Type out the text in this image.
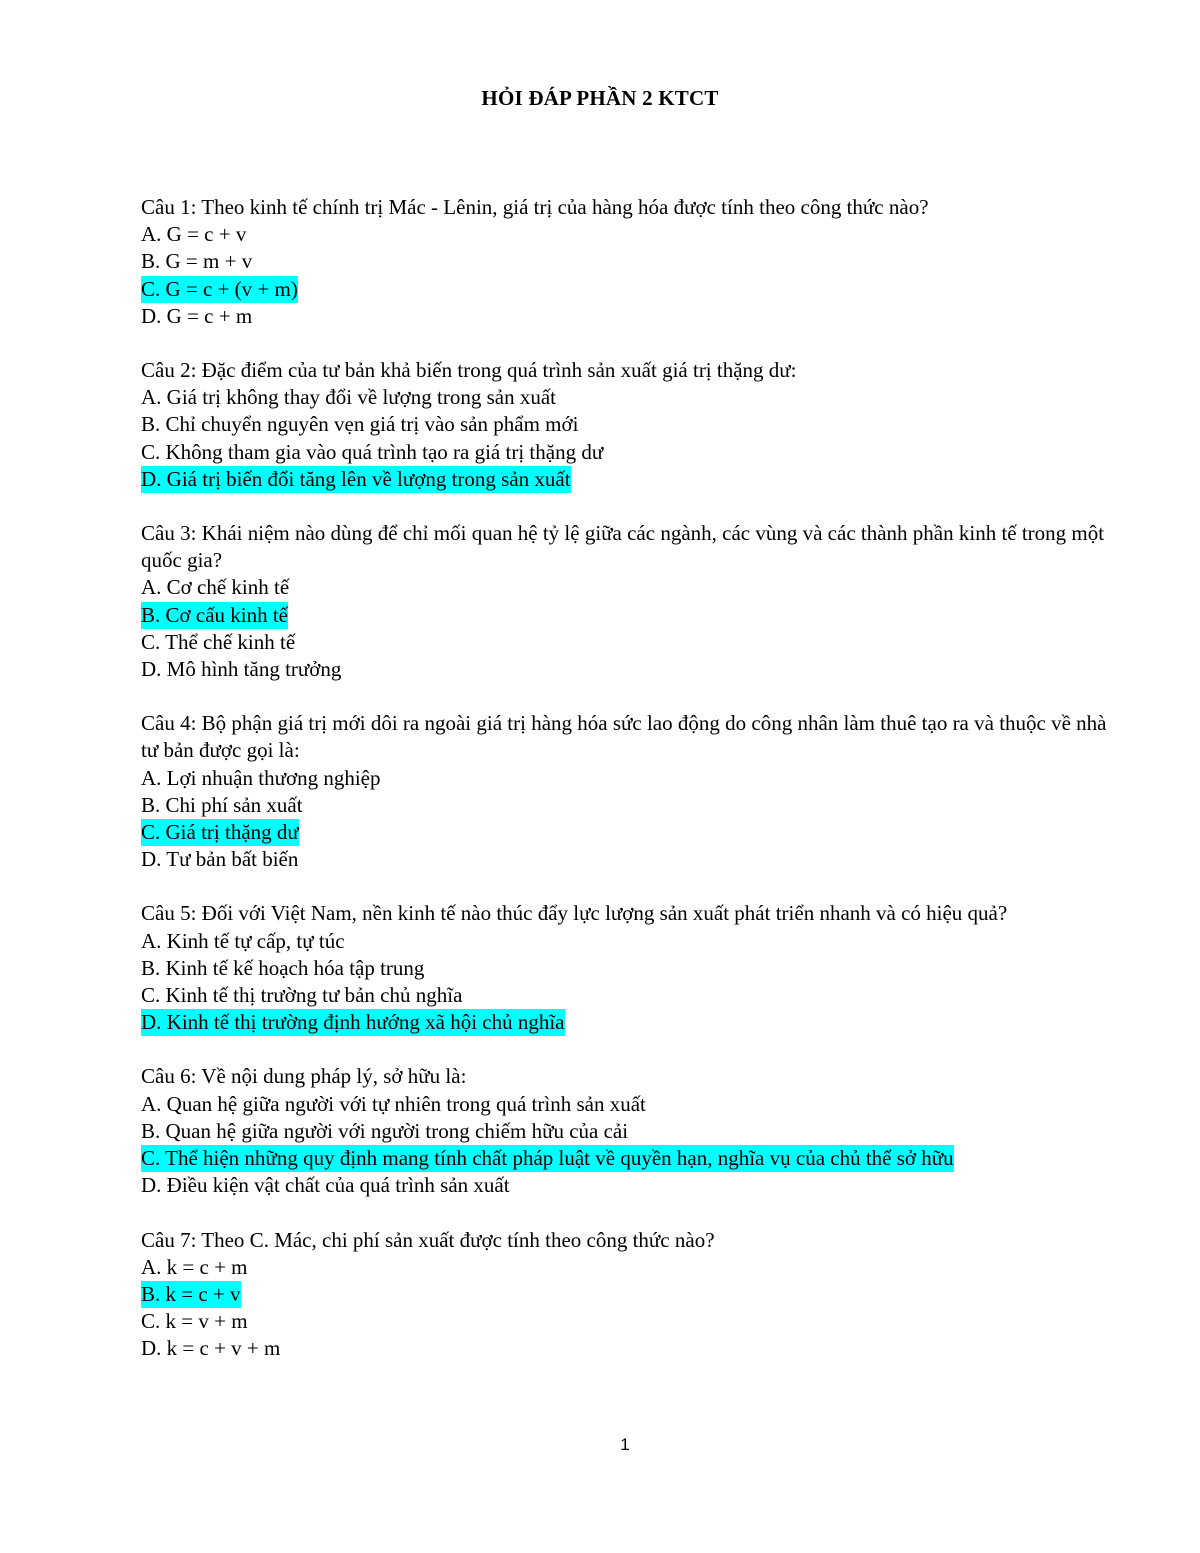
HỎI ĐÁP PHẦN 2 KTCT

Câu 1: Theo kinh tế chính trị Mác - Lênin, giá trị của hàng hóa được tính theo công thức nào?

A. G = c + v
B. G = m + v
C. G = c + (v + m)
D. G = c + m

Câu 2: Đặc điểm của tư bản khả biến trong quá trình sản xuất giá trị thặng dư:

A. Giá trị không thay đổi về lượng trong sản xuất
B. Chỉ chuyển nguyên vẹn giá trị vào sản phẩm mới
C. Không tham gia vào quá trình tạo ra giá trị thặng dư
D. Giá trị biến đổi tăng lên về lượng trong sản xuất

Câu 3: Khái niệm nào dùng để chỉ mối quan hệ tỷ lệ giữa các ngành, các vùng và các thành phần kinh tế trong một quốc gia?

A. Cơ chế kinh tế
B. Cơ cấu kinh tế
C. Thể chế kinh tế
D. Mô hình tăng trưởng

Câu 4: Bộ phận giá trị mới dôi ra ngoài giá trị hàng hóa sức lao động do công nhân làm thuê tạo ra và thuộc về nhà tư bản được gọi là:

A. Lợi nhuận thương nghiệp
B. Chi phí sản xuất
C. Giá trị thặng dư
D. Tư bản bất biến

Câu 5: Đối với Việt Nam, nền kinh tế nào thúc đẩy lực lượng sản xuất phát triển nhanh và có hiệu quả?

A. Kinh tế tự cấp, tự túc
B. Kinh tế kế hoạch hóa tập trung
C. Kinh tế thị trường tư bản chủ nghĩa
D. Kinh tế thị trường định hướng xã hội chủ nghĩa

Câu 6: Về nội dung pháp lý, sở hữu là:

A. Quan hệ giữa người với tự nhiên trong quá trình sản xuất
B. Quan hệ giữa người với người trong chiếm hữu của cải
C. Thể hiện những quy định mang tính chất pháp luật về quyền hạn, nghĩa vụ của chủ thể sở hữu
D. Điều kiện vật chất của quá trình sản xuất

Câu 7: Theo C. Mác, chi phí sản xuất được tính theo công thức nào?

A. k = c + m
B. k = c + v
C. k = v + m
D. k = c + v + m
1
